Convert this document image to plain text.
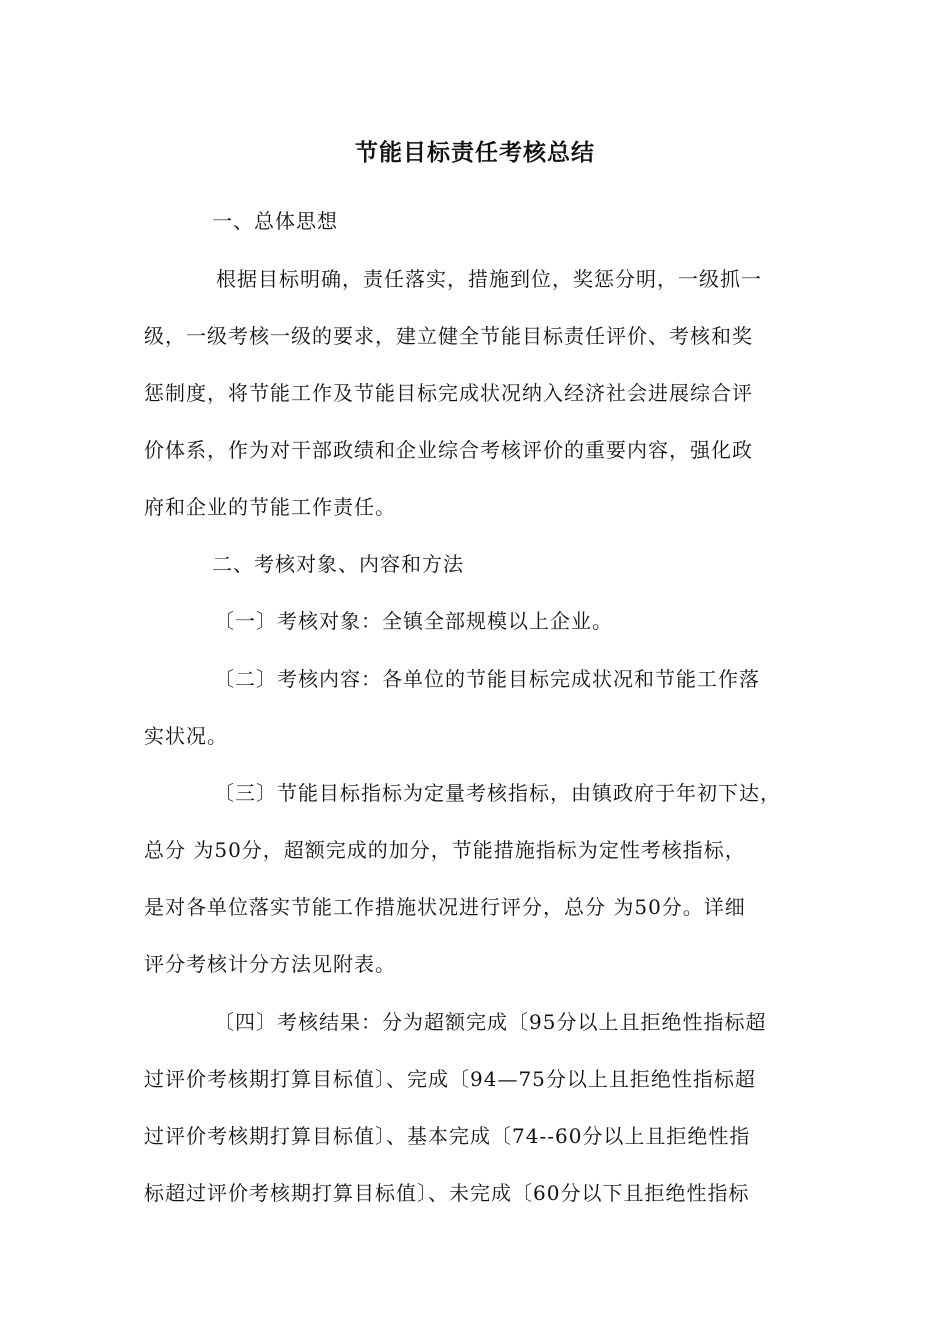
节能目标责任考核总结
一、总体思想
根据目标明确，责任落实，措施到位，奖惩分明，一级抓一
级，一级考核一级的要求，建立健全节能目标责任评价、考核和奖
惩制度，将节能工作及节能目标完成状况纳入经济社会进展综合评
价体系，作为对干部政绩和企业综合考核评价的重要内容，强化政
府和企业的节能工作责任。
二、考核对象、内容和方法
〔一〕考核对象：全镇全部规模以上企业。
〔二〕考核内容：各单位的节能目标完成状况和节能工作落
实状况。
〔三〕节能目标指标为定量考核指标，由镇政府于年初下达，
总分 为50分，超额完成的加分，节能措施指标为定性考核指标，
是对各单位落实节能工作措施状况进行评分，总分 为50分。详细
评分考核计分方法见附表。
〔四〕考核结果：分为超额完成〔95分以上且拒绝性指标超
过评价考核期打算目标值〕、完成〔94—75分以上且拒绝性指标超
过评价考核期打算目标值〕、基本完成〔74--60分以上且拒绝性指
标超过评价考核期打算目标值〕、未完成〔60分以下且拒绝性指标
